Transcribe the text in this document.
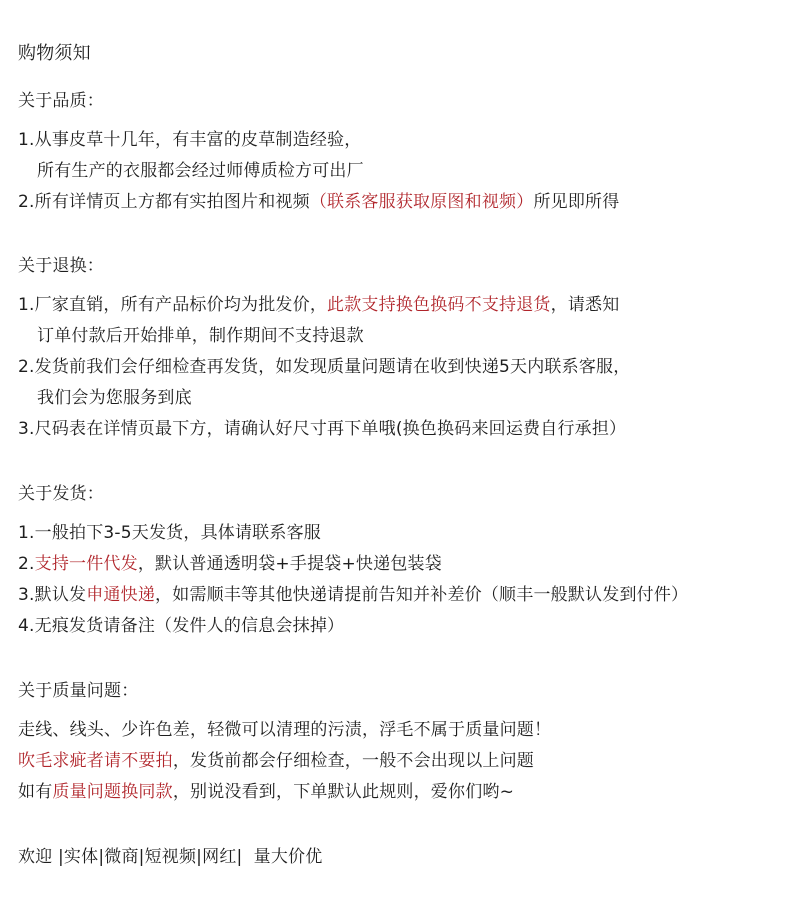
购物须知
关于品质：
1.从事皮草十几年，有丰富的皮草制造经验，
所有生产的衣服都会经过师傅质检方可出厂
2.所有详情页上方都有实拍图片和视频（联系客服获取原图和视频）所见即所得
关于退换：
1.厂家直销，所有产品标价均为批发价，此款支持换色换码不支持退货，请悉知
订单付款后开始排单，制作期间不支持退款
2.发货前我们会仔细检查再发货，如发现质量问题请在收到快递5天内联系客服，
我们会为您服务到底
3.尺码表在详情页最下方，请确认好尺寸再下单哦(换色换码来回运费自行承担）
关于发货：
1.一般拍下3-5天发货，具体请联系客服
2.支持一件代发，默认普通透明袋+手提袋+快递包装袋
3.默认发申通快递，如需顺丰等其他快递请提前告知并补差价（顺丰一般默认发到付件）
4.无痕发货请备注（发件人的信息会抹掉）
关于质量问题：
走线、线头、少许色差，轻微可以清理的污渍，浮毛不属于质量问题！
吹毛求疵者请不要拍，发货前都会仔细检查，一般不会出现以上问题
如有质量问题换同款，别说没看到，下单默认此规则，爱你们哟~
欢迎 |实体|微商|短视频|网红|  量大价优
